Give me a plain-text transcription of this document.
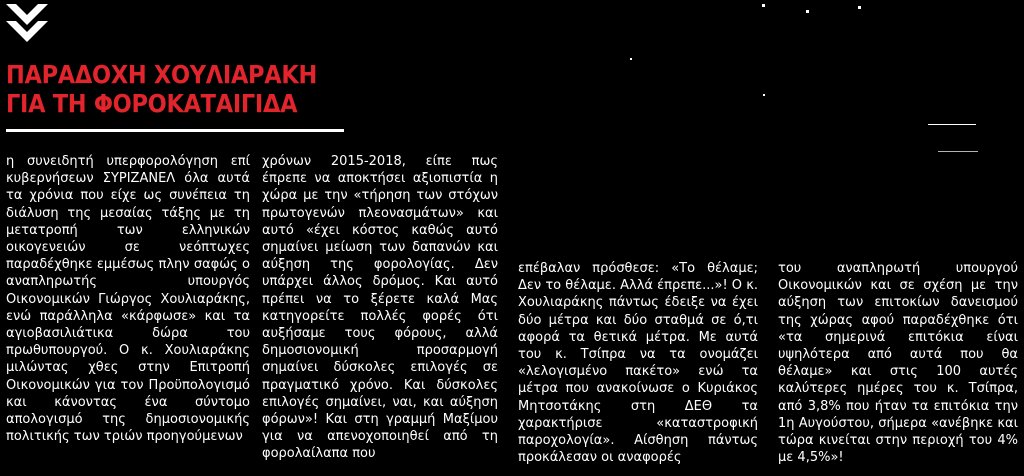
ΠΑΡΑΔΟΧΗ ΧΟΥΛΙΑΡΑΚΗ
ΓΙΑ ΤΗ ΦΟΡΟΚΑΤΑΙΓΙΔΑ

η συνειδητή υπερφορολόγηση επί κυβερνήσεων ΣΥΡΙΖΑΝΕΛ όλα αυτά τα χρόνια που είχε ως συνέπεια τη διάλυση της μεσαίας τάξης με τη μετατροπή των ελληνικών οικογενειών σε νεόπτωχες παραδέχθηκε εμμέσως πλην σαφώς ο αναπληρωτής υπουργός Οικονομικών Γιώργος Χουλιαράκης, ενώ παράλληλα «κάρφωσε» και τα αγιοβασιλιάτικα δώρα του πρωθυπουργού. Ο κ. Χουλιαράκης μιλώντας χθες στην Επιτροπή Οικονομικών για τον Προϋπολογισμό και κάνοντας ένα σύντομο απολογισμό της δημοσιονομικής πολιτικής των τριών προηγούμενων

χρόνων 2015-2018, είπε πως έπρεπε να αποκτήσει αξιοπιστία η χώρα με την «τήρηση των στόχων πρωτογενών πλεονασμάτων» και αυτό «έχει κόστος καθώς αυτό σημαίνει μείωση των δαπανών και αύξηση της φορολογίας. Δεν υπάρχει άλλος δρόμος. Και αυτό πρέπει να το ξέρετε καλά Μας κατηγορείτε πολλές φορές ότι αυξήσαμε τους φόρους, αλλά δημοσιονομική προσαρμογή σημαίνει δύσκολες επιλογές σε πραγματικό χρόνο. Και δύσκολες επιλογές σημαίνει, ναι, και αύξηση φόρων»! Και στη γραμμή Μαξίμου για να απενοχοποιηθεί από τη φορολαίλαπα που

επέβαλαν πρόσθεσε: «Το θέλαμε; Δεν το θέλαμε. Αλλά έπρεπε...»! Ο κ. Χουλιαράκης πάντως έδειξε να έχει δύο μέτρα και δύο σταθμά σε ό,τι αφορά τα θετικά μέτρα. Με αυτά του κ. Τσίπρα να τα ονομάζει «λελογισμένο πακέτο» ενώ τα μέτρα που ανακοίνωσε ο Κυριάκος Μητσοτάκης στη ΔΕΘ τα χαρακτήρισε «καταστροφική παροχολογία». Αίσθηση πάντως προκάλεσαν οι αναφορές

του αναπληρωτή υπουργού Οικονομικών και σε σχέση με την αύξηση των επιτοκίων δανεισμού της χώρας αφού παραδέχθηκε ότι «τα σημερινά επιτόκια είναι υψηλότερα από αυτά που θα θέλαμε» και στις 100 αυτές καλύτερες ημέρες του κ. Τσίπρα, από 3,8% που ήταν τα επιτόκια την 1η Αυγούστου, σήμερα «ανέβηκε και τώρα κινείται στην περιοχή του 4% με 4,5%»!
